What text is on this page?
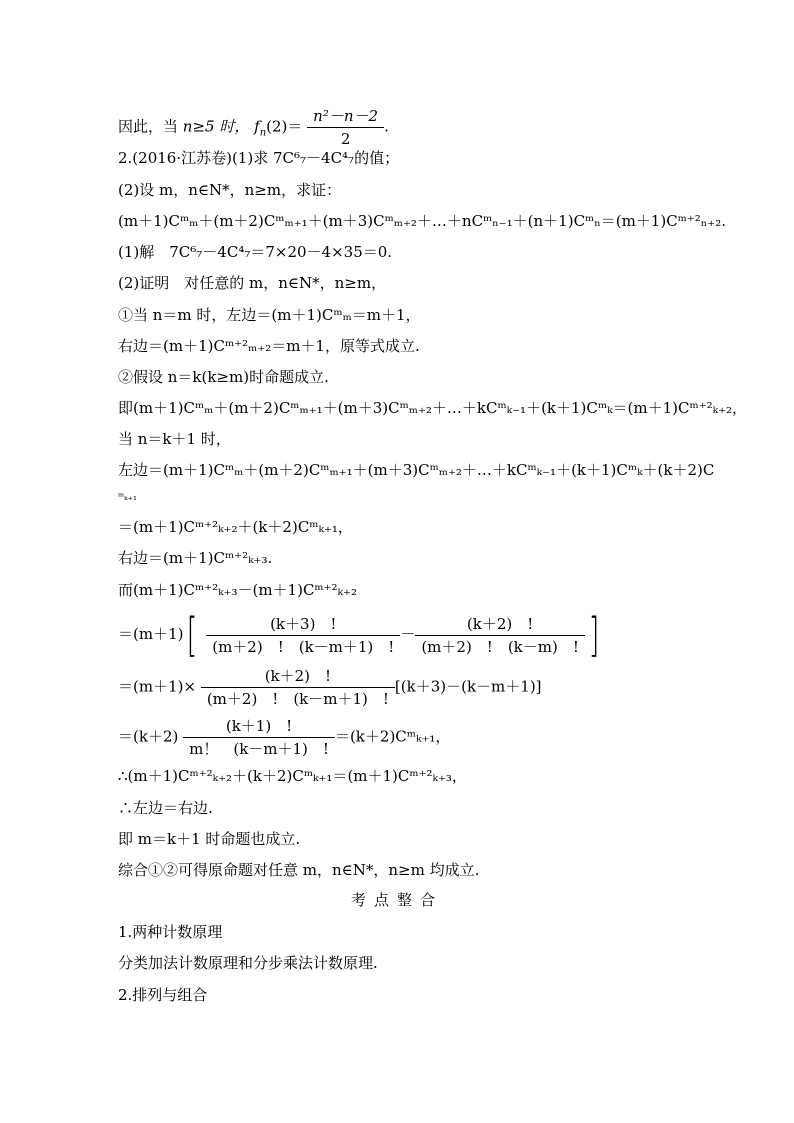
因此，当 n≥5 时， $f_n(2)= \frac{\text{n²－n－2}}{2}$ .
2.(2016·江苏卷)(1)求 7C⁶₇－4C⁴₇的值；
(2)设 m，n∈N*，n≥m，求证：
(m＋1)Cᵐₘ＋(m＋2)Cᵐₘ₊₁＋(m＋3)Cᵐₘ₊₂＋…＋nCᵐₙ₋₁＋(n＋1)Cᵐₙ＝(m＋1)Cᵐ⁺²ₙ₊₂.
(1)解　7C⁶₇－4C⁴₇＝7×20－4×35＝0.
(2)证明　对任意的 m，n∈N*，n≥m，
①当 n＝m 时，左边＝(m＋1)Cᵐₘ＝m＋1，
右边＝(m＋1)Cᵐ⁺²ₘ₊₂＝m＋1，原等式成立.
②假设 n＝k(k≥m)时命题成立.
即(m＋1)Cᵐₘ＋(m＋2)Cᵐₘ₊₁＋(m＋3)Cᵐₘ₊₂＋…＋kCᵐₖ₋₁＋(k＋1)Cᵐₖ＝(m＋1)Cᵐ⁺²ₖ₊₂，
当 n＝k＋1 时，
左边＝(m＋1)Cᵐₘ＋(m＋2)Cᵐₘ₊₁＋(m＋3)Cᵐₘ₊₂＋…＋kCᵐₖ₋₁＋(k＋1)Cᵐₖ＋(k＋2)C
ᵐₖ₊₁
＝(m＋1)Cᵐ⁺²ₖ₊₂＋(k＋2)Cᵐₖ₊₁，
右边＝(m＋1)Cᵐ⁺²ₖ₊₃.
而(m＋1)Cᵐ⁺²ₖ₊₃－(m＋1)Cᵐ⁺²ₖ₊₂
$=(m+1)[ \frac{(k+3) !}{(m+2) ! (k-m+1) !} - \frac{(k+2) !}{(m+2) ! (k-m) !}$ ]
$=(m+1)\times \frac{(k+2) !}{(m+2) ! (k-m+1) !} [(k+3)-(k-m+1)]$
$=(k+2) \frac{(k+1) !}{m! (k-m+1) !}$ ＝(k＋2)Cᵐₖ₊₁，
∴(m＋1)Cᵐ⁺²ₖ₊₂＋(k＋2)Cᵐₖ₊₁＝(m＋1)Cᵐ⁺²ₖ₊₃，
∴左边＝右边.
即 m＝k＋1 时命题也成立.
综合①②可得原命题对任意 m，n∈N*，n≥m 均成立.
考点整合
1.两种计数原理
分类加法计数原理和分步乘法计数原理.
2.排列与组合
